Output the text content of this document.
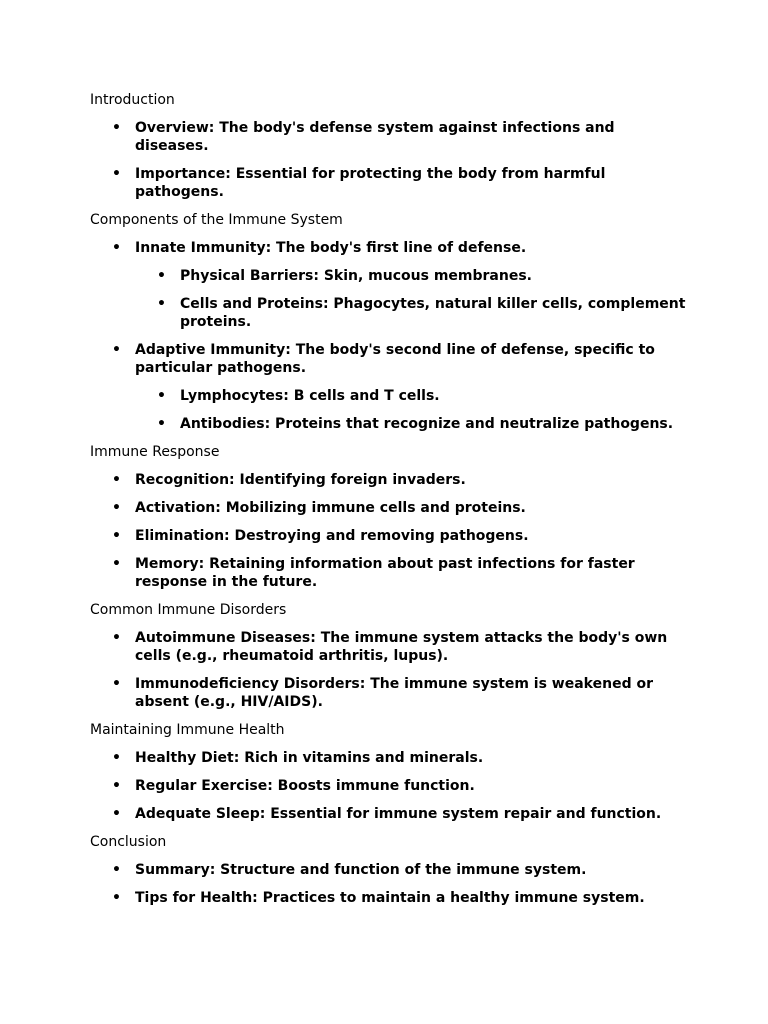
Introduction
• Overview: The body's defense system against infections and diseases.
• Importance: Essential for protecting the body from harmful pathogens.
Components of the Immune System
• Innate Immunity: The body's first line of defense.
• Physical Barriers: Skin, mucous membranes.
• Cells and Proteins: Phagocytes, natural killer cells, complement proteins.
• Adaptive Immunity: The body's second line of defense, specific to particular pathogens.
• Lymphocytes: B cells and T cells.
• Antibodies: Proteins that recognize and neutralize pathogens.
Immune Response
• Recognition: Identifying foreign invaders.
• Activation: Mobilizing immune cells and proteins.
• Elimination: Destroying and removing pathogens.
• Memory: Retaining information about past infections for faster response in the future.
Common Immune Disorders
• Autoimmune Diseases: The immune system attacks the body's own cells (e.g., rheumatoid arthritis, lupus).
• Immunodeficiency Disorders: The immune system is weakened or absent (e.g., HIV/AIDS).
Maintaining Immune Health
• Healthy Diet: Rich in vitamins and minerals.
• Regular Exercise: Boosts immune function.
• Adequate Sleep: Essential for immune system repair and function.
Conclusion
• Summary: Structure and function of the immune system.
• Tips for Health: Practices to maintain a healthy immune system.
